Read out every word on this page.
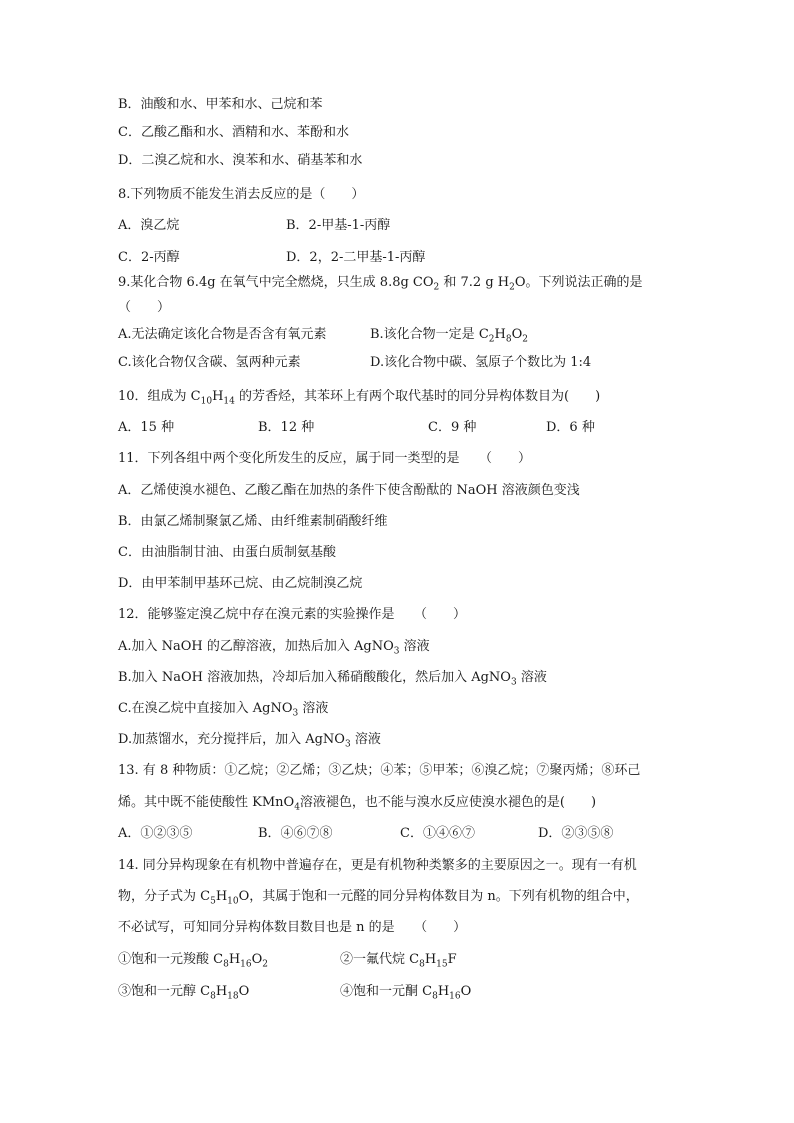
B．油酸和水、甲苯和水、己烷和苯
C．乙酸乙酯和水、酒精和水、苯酚和水
D．二溴乙烷和水、溴苯和水、硝基苯和水
8.下列物质不能发生消去反应的是（　　）
A．溴乙烷	B．2-甲基-1-丙醇
C．2-丙醇	D．2，2-二甲基-1-丙醇
9.某化合物 6.4g 在氧气中完全燃烧，只生成 8.8g $CO_2$ 和 7.2 g $H_2O$。下列说法正确的是
（　　）
A.无法确定该化合物是否含有氧元素	B.该化合物一定是 $C_2H_8O_2$
C.该化合物仅含碳、氢两种元素	D.该化合物中碳、氢原子个数比为 1:4
10．组成为 $C_{10}H_{14}$ 的芳香烃，其苯环上有两个取代基时的同分异构体数目为(　　)
A．15 种	B．12 种	C．9 种	D．6 种
11．下列各组中两个变化所发生的反应，属于同一类型的是　　（　　）
A．乙烯使溴水褪色、乙酸乙酯在加热的条件下使含酚酞的 NaOH 溶液颜色变浅
B．由氯乙烯制聚氯乙烯、由纤维素制硝酸纤维
C．由油脂制甘油、由蛋白质制氨基酸
D．由甲苯制甲基环己烷、由乙烷制溴乙烷
12．能够鉴定溴乙烷中存在溴元素的实验操作是　　（　　）
A.加入 NaOH 的乙醇溶液，加热后加入 AgNO$_3$ 溶液
B.加入 NaOH 溶液加热，冷却后加入稀硝酸酸化，然后加入 AgNO$_3$ 溶液
C.在溴乙烷中直接加入 AgNO$_3$ 溶液
D.加蒸馏水，充分搅拌后，加入 AgNO$_3$ 溶液
13. 有 8 种物质：①乙烷；②乙烯；③乙炔；④苯；⑤甲苯；⑥溴乙烷；⑦聚丙烯；⑧环己
烯。其中既不能使酸性 KMnO$_4$溶液褪色，也不能与溴水反应使溴水褪色的是(　　)
A．①②③⑤	B．④⑥⑦⑧	C．①④⑥⑦	D．②③⑤⑧
14. 同分异构现象在有机物中普遍存在，更是有机物种类繁多的主要原因之一。现有一有机
物，分子式为 $C_5H_{10}O$，其属于饱和一元醛的同分异构体数目为 n。下列有机物的组合中，
不必试写，可知同分异构体数目数目也是 n 的是　　（　　）
①饱和一元羧酸 $C_8H_{16}O_2$	②一氟代烷 $C_8H_{15}F$
③饱和一元醇 $C_8H_{18}O$	④饱和一元酮 $C_8H_{16}O$
